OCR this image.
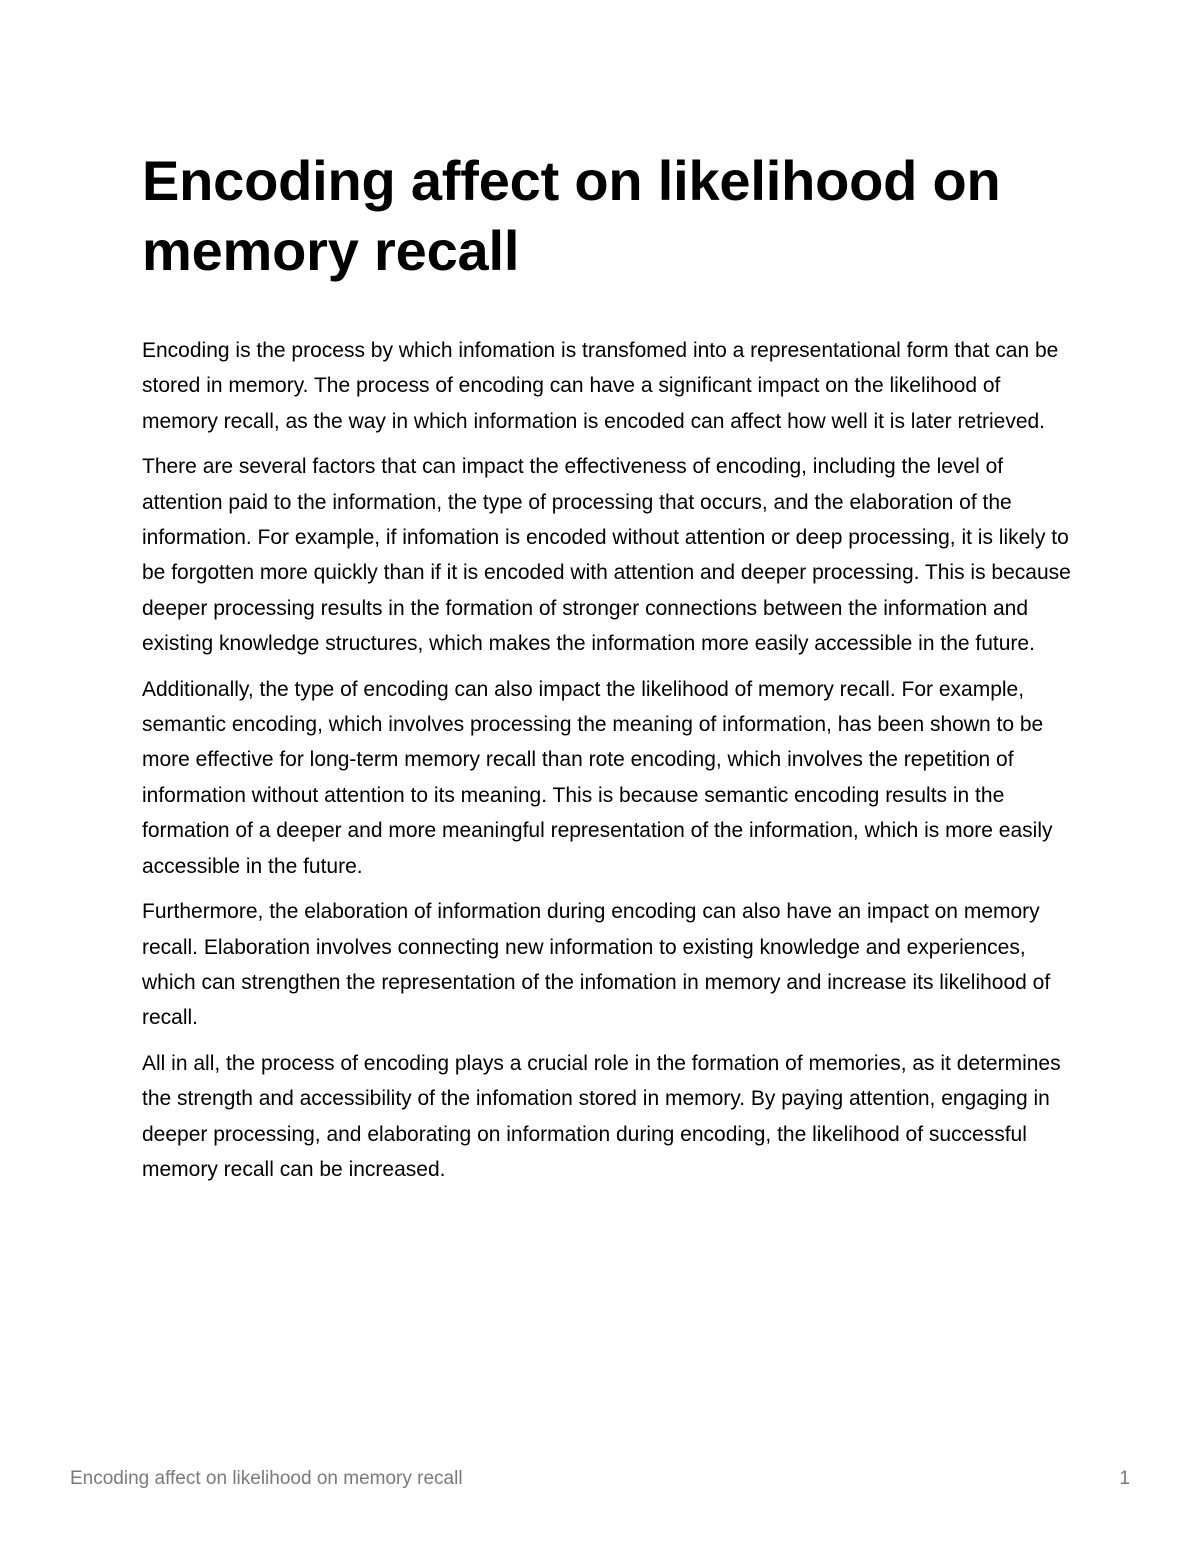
Encoding affect on likelihood on memory recall

Encoding is the process by which infomation is transfomed into a representational form that can be stored in memory. The process of encoding can have a significant impact on the likelihood of memory recall, as the way in which information is encoded can affect how well it is later retrieved.

There are several factors that can impact the effectiveness of encoding, including the level of attention paid to the information, the type of processing that occurs, and the elaboration of the information. For example, if infomation is encoded without attention or deep processing, it is likely to be forgotten more quickly than if it is encoded with attention and deeper processing. This is because deeper processing results in the formation of stronger connections between the information and existing knowledge structures, which makes the information more easily accessible in the future.

Additionally, the type of encoding can also impact the likelihood of memory recall. For example, semantic encoding, which involves processing the meaning of information, has been shown to be more effective for long-term memory recall than rote encoding, which involves the repetition of information without attention to its meaning. This is because semantic encoding results in the formation of a deeper and more meaningful representation of the information, which is more easily accessible in the future.

Furthermore, the elaboration of information during encoding can also have an impact on memory recall. Elaboration involves connecting new information to existing knowledge and experiences, which can strengthen the representation of the infomation in memory and increase its likelihood of recall.

All in all, the process of encoding plays a crucial role in the formation of memories, as it determines the strength and accessibility of the infomation stored in memory. By paying attention, engaging in deeper processing, and elaborating on information during encoding, the likelihood of successful memory recall can be increased.

Encoding affect on likelihood on memory recall	1
